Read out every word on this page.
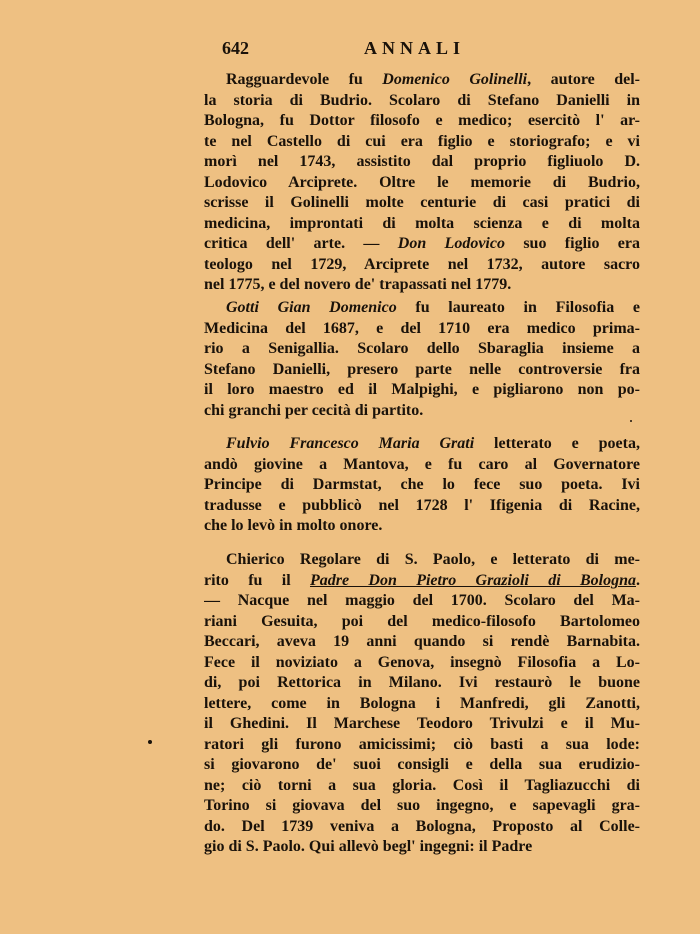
642	ANNALI
Ragguardevole fu Domenico Golinelli, autore del-
la storia di Budrio. Scolaro di Stefano Danielli in
Bologna, fu Dottor filosofo e medico; esercitò l' ar-
te nel Castello di cui era figlio e storiografo; e vi
morì nel 1743, assistito dal proprio figliuolo D.
Lodovico Arciprete. Oltre le memorie di Budrio,
scrisse il Golinelli molte centurie di casi pratici di
medicina, improntati di molta scienza e di molta
critica dell' arte. — Don Lodovico suo figlio era
teologo nel 1729, Arciprete nel 1732, autore sacro
nel 1775, e del novero de' trapassati nel 1779.
Gotti Gian Domenico fu laureato in Filosofia e
Medicina del 1687, e del 1710 era medico prima-
rio a Senigallia. Scolaro dello Sbaraglia insieme a
Stefano Danielli, presero parte nelle controversie fra
il loro maestro ed il Malpighi, e pigliarono non po-
chi granchi per cecità di partito.
Fulvio Francesco Maria Grati letterato e poeta,
andò giovine a Mantova, e fu caro al Governatore
Principe di Darmstat, che lo fece suo poeta. Ivi
tradusse e pubblicò nel 1728 l' Ifigenia di Racine,
che lo levò in molto onore.
Chierico Regolare di S. Paolo, e letterato di me-
rito fu il Padre Don Pietro Grazioli di Bologna.
— Nacque nel maggio del 1700. Scolaro del Ma-
riani Gesuita, poi del medico-filosofo Bartolomeo
Beccari, aveva 19 anni quando si rendè Barnabita.
Fece il noviziato a Genova, insegnò Filosofia a Lo-
di, poi Rettorica in Milano. Ivi restaurò le buone
lettere, come in Bologna i Manfredi, gli Zanotti,
il Ghedini. Il Marchese Teodoro Trivulzi e il Mu-
ratori gli furono amicissimi; ciò basti a sua lode:
si giovarono de' suoi consigli e della sua erudizio-
ne; ciò torni a sua gloria. Così il Tagliazucchi di
Torino si giovava del suo ingegno, e sapevagli gra-
do. Del 1739 veniva a Bologna, Proposto al Colle-
gio di S. Paolo. Qui allevò begl' ingegni: il Padre
